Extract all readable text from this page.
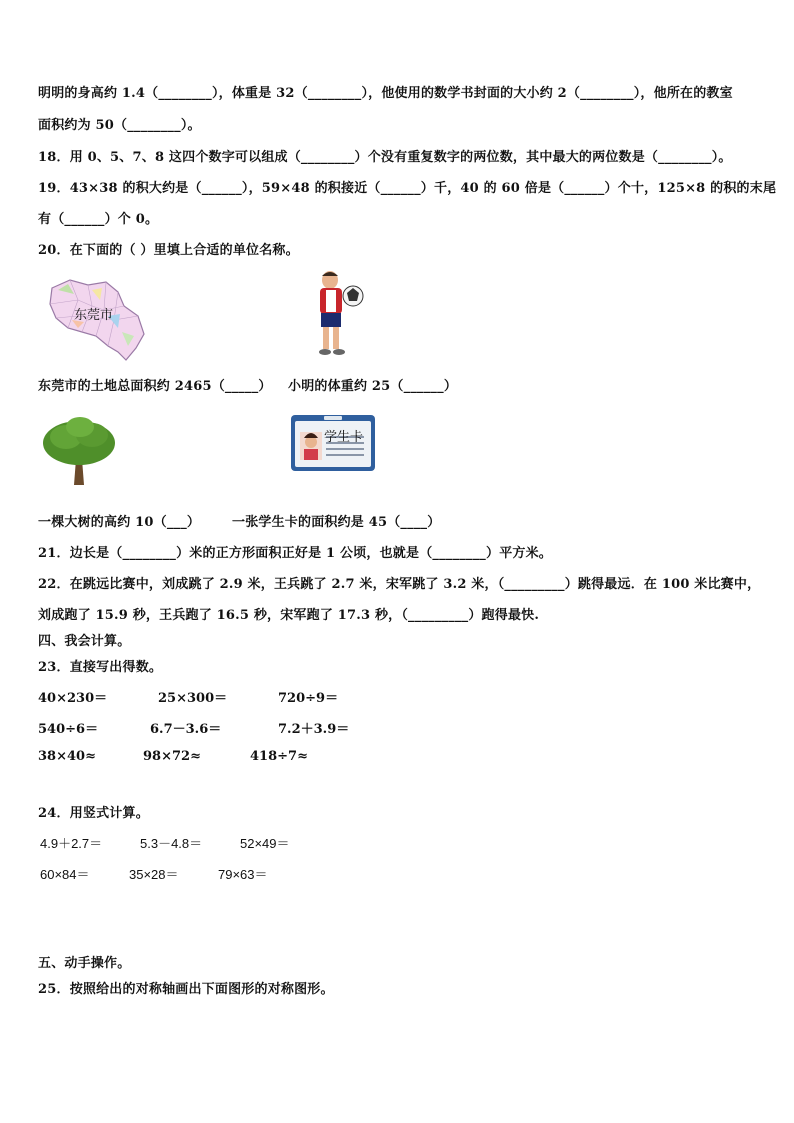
明明的身高约 1.4（________），体重是 32（________），他使用的数学书封面的大小约 2（________），他所在的教室
面积约为 50（________）。
18．用 0、5、7、8 这四个数字可以组成（________）个没有重复数字的两位数，其中最大的两位数是（________）。
19．43×38 的积大约是（______），59×48 的积接近（______）千，40 的 60 倍是（______）个十，125×8 的积的末尾
有（______）个 0。
20．在下面的（ ）里填上合适的单位名称。
东莞市
东莞市的土地总面积约 2465（_____） 小明的体重约 25（______）
学生卡
一棵大树的高约 10（___） 一张学生卡的面积约是 45（____）
21．边长是（________）米的正方形面积正好是 1 公顷，也就是（________）平方米。
22．在跳远比赛中，刘成跳了 2.9 米，王兵跳了 2.7 米，宋军跳了 3.2 米，（_________）跳得最远．在 100 米比赛中，
刘成跑了 15.9 秒，王兵跑了 16.5 秒，宋军跑了 17.3 秒，（_________）跑得最快.
四、我会计算。
23．直接写出得数。
40×230＝	25×300＝	720÷9＝
540÷6＝	6.7－3.6＝	7.2＋3.9＝
38×40≈	98×72≈	418÷7≈
24．用竖式计算。
4.9＋2.7＝	5.3－4.8＝	52×49＝
60×84＝	35×28＝	79×63＝
五、动手操作。
25．按照给出的对称轴画出下面图形的对称图形。
